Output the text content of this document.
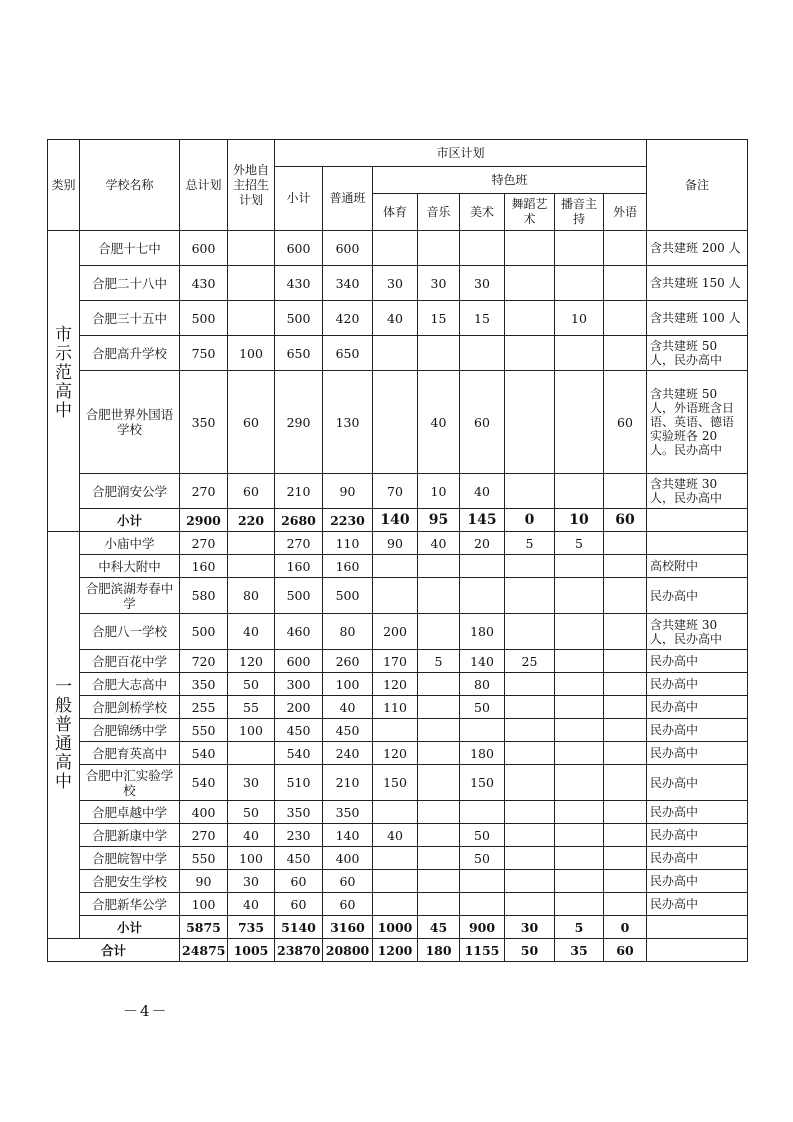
类别	学校名称	总计划	外地自主招生计划	市区计划								备注
				小计	普通班	特色班						
						体育	音乐	美术	舞蹈艺术	播音主持	外语	

市示范高中	合肥十七中	600		600	600							含共建班 200 人
	合肥二十八中	430		430	340	30	30	30				含共建班 150 人
	合肥三十五中	500		500	420	40	15	15		10		含共建班 100 人
	合肥高升学校	750	100	650	650							含共建班 50 人，民办高中
	合肥世界外国语学校	350	60	290	130		40	60			60	含共建班 50 人，外语班含日语、英语、德语实验班各 20 人。民办高中
	合肥润安公学	270	60	210	90	70	10	40				含共建班 30 人，民办高中
	小计	2900	220	2680	2230	140	95	145	0	10	60	

一般普通高中	小庙中学	270		270	110	90	40	20	5	5		
	中科大附中	160		160	160							高校附中
	合肥滨湖寿春中学	580	80	500	500							民办高中
	合肥八一学校	500	40	460	80	200		180				含共建班 30 人，民办高中
	合肥百花中学	720	120	600	260	170	5	140	25			民办高中
	合肥大志高中	350	50	300	100	120		80				民办高中
	合肥剑桥学校	255	55	200	40	110		50				民办高中
	合肥锦绣中学	550	100	450	450							民办高中
	合肥育英高中	540		540	240	120		180				民办高中
	合肥中汇实验学校	540	30	510	210	150		150				民办高中
	合肥卓越中学	400	50	350	350							民办高中
	合肥新康中学	270	40	230	140	40		50				民办高中
	合肥皖智中学	550	100	450	400			50				民办高中
	合肥安生学校	90	30	60	60							民办高中
	合肥新华公学	100	40	60	60							民办高中
	小计	5875	735	5140	3160	1000	45	900	30	5	0	
合计		24875	1005	23870	20800	1200	180	1155	50	35	60	
－4－
